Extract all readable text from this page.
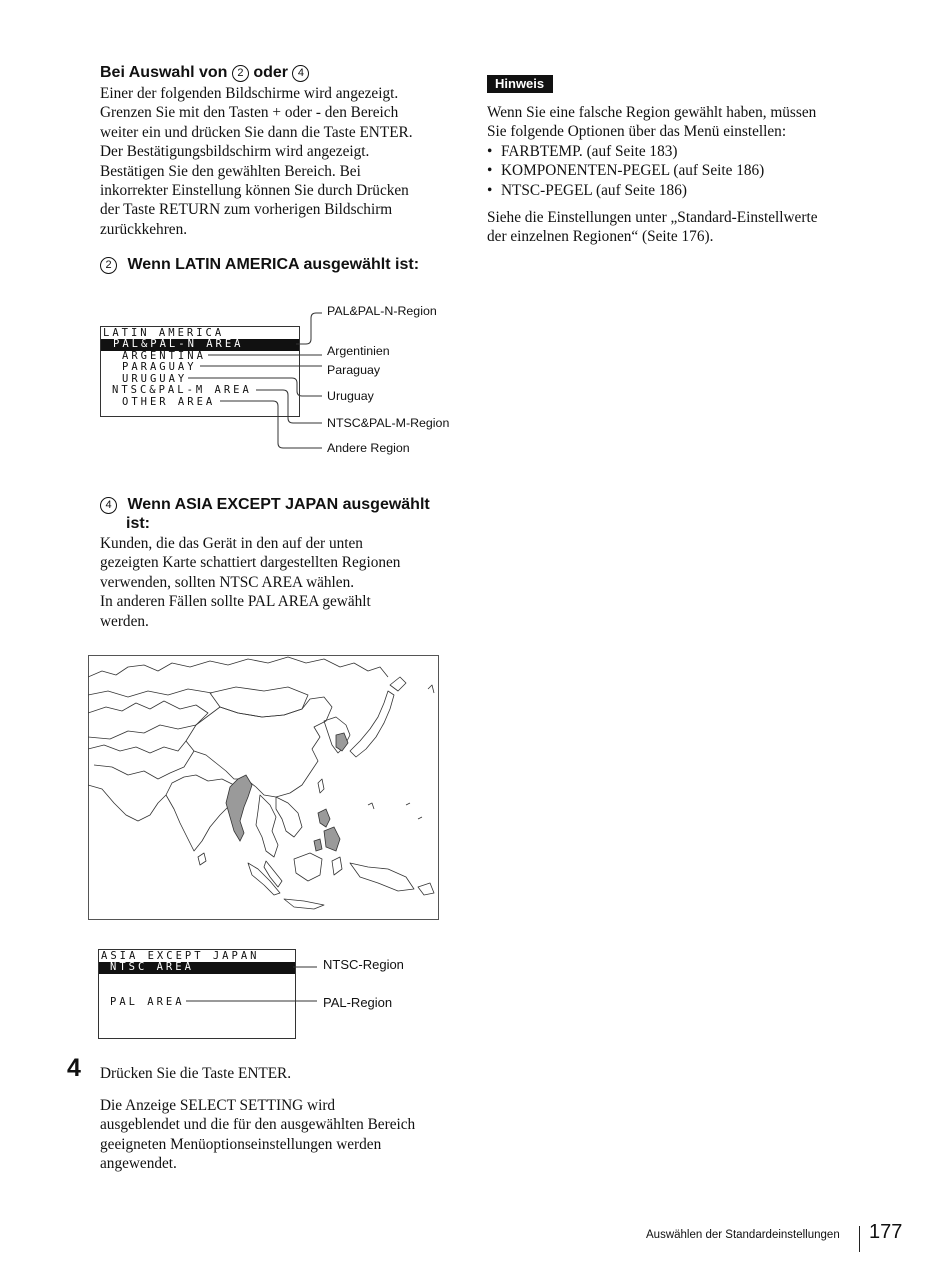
Bei Auswahl von 2 oder 4
Einer der folgenden Bildschirme wird angezeigt.
Grenzen Sie mit den Tasten + oder - den Bereich
weiter ein und drücken Sie dann die Taste ENTER.
Der Bestätigungsbildschirm wird angezeigt.
Bestätigen Sie den gewählten Bereich. Bei
inkorrekter Einstellung können Sie durch Drücken
der Taste RETURN zum vorherigen Bildschirm
zurückkehren.
2 Wenn LATIN AMERICA ausgewählt ist:
LATIN AMERICA
PAL&PAL-N AREA
ARGENTINA
PARAGUAY
URUGUAY
NTSC&PAL-M AREA
OTHER AREA
PAL&PAL-N-Region
Argentinien
Paraguay
Uruguay
NTSC&PAL-M-Region
Andere Region
4 Wenn ASIA EXCEPT JAPAN ausgewählt
ist:
Kunden, die das Gerät in den auf der unten
gezeigten Karte schattiert dargestellten Regionen
verwenden, sollten NTSC AREA wählen.
In anderen Fällen sollte PAL AREA gewählt
werden.
ASIA EXCEPT JAPAN
NTSC AREA
PAL AREA
NTSC-Region
PAL-Region
4 Drücken Sie die Taste ENTER.
Die Anzeige SELECT SETTING wird
ausgeblendet und die für den ausgewählten Bereich
geeigneten Menüoptionseinstellungen werden
angewendet.
Hinweis
Wenn Sie eine falsche Region gewählt haben, müssen
Sie folgende Optionen über das Menü einstellen:
• FARBTEMP. (auf Seite 183)
• KOMPONENTEN-PEGEL (auf Seite 186)
• NTSC-PEGEL (auf Seite 186)
Siehe die Einstellungen unter „Standard-Einstellwerte
der einzelnen Regionen“ (Seite 176).
Auswählen der Standardeinstellungen 177
